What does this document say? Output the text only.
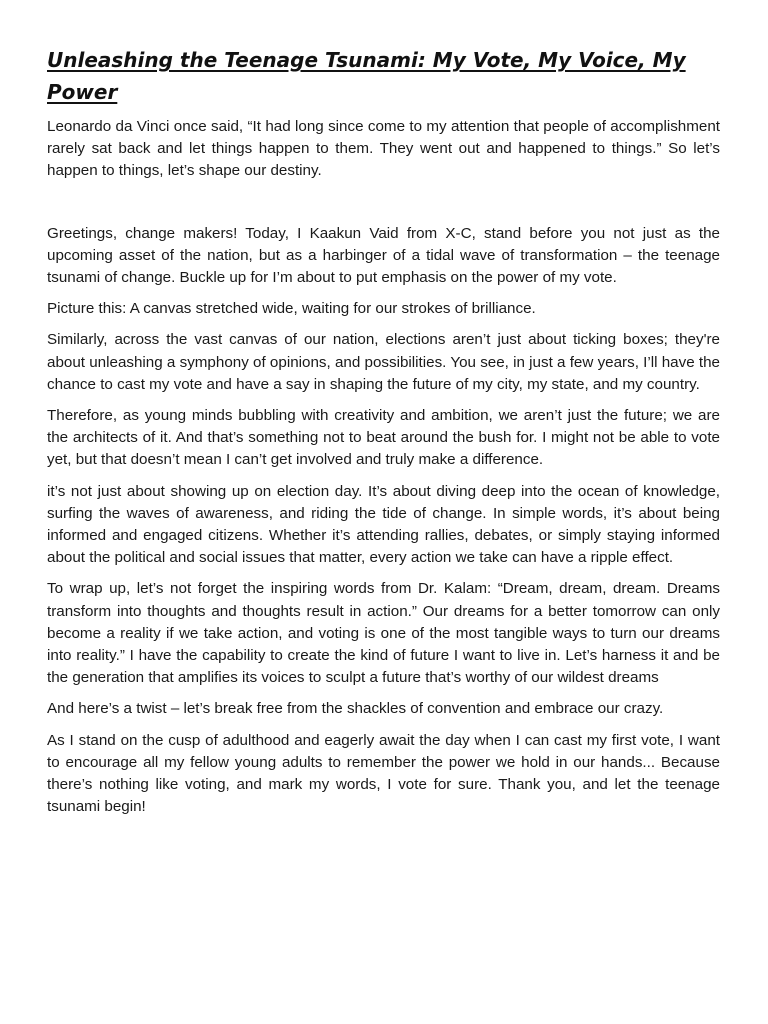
Unleashing the Teenage Tsunami: My Vote, My Voice, My Power

Leonardo da Vinci once said, “It had long since come to my attention that people of accomplishment rarely sat back and let things happen to them. They went out and happened to things.” So let’s happen to things, let’s shape our destiny.

Greetings, change makers! Today, I Kaakun Vaid from X-C, stand before you not just as the upcoming asset of the nation, but as a harbinger of a tidal wave of transformation – the teenage tsunami of change. Buckle up for I’m about to put emphasis on the power of my vote.

Picture this: A canvas stretched wide, waiting for our strokes of brilliance.

Similarly, across the vast canvas of our nation, elections aren’t just about ticking boxes; they're about unleashing a symphony of opinions, and possibilities. You see, in just a few years, I’ll have the chance to cast my vote and have a say in shaping the future of my city, my state, and my country.

Therefore, as young minds bubbling with creativity and ambition, we aren’t just the future; we are the architects of it. And that’s something not to beat around the bush for. I might not be able to vote yet, but that doesn’t mean I can’t get involved and truly make a difference.

it’s not just about showing up on election day. It’s about diving deep into the ocean of knowledge, surfing the waves of awareness, and riding the tide of change. In simple words, it’s about being informed and engaged citizens. Whether it’s attending rallies, debates, or simply staying informed about the political and social issues that matter, every action we take can have a ripple effect.

To wrap up, let’s not forget the inspiring words from Dr. Kalam: “Dream, dream, dream. Dreams transform into thoughts and thoughts result in action.” Our dreams for a better tomorrow can only become a reality if we take action, and voting is one of the most tangible ways to turn our dreams into reality.” I have the capability to create the kind of future I want to live in. Let’s harness it and be the generation that amplifies its voices to sculpt a future that’s worthy of our wildest dreams

And here’s a twist – let’s break free from the shackles of convention and embrace our crazy.

As I stand on the cusp of adulthood and eagerly await the day when I can cast my first vote, I want to encourage all my fellow young adults to remember the power we hold in our hands... Because there’s nothing like voting, and mark my words, I vote for sure. Thank you, and let the teenage tsunami begin!
